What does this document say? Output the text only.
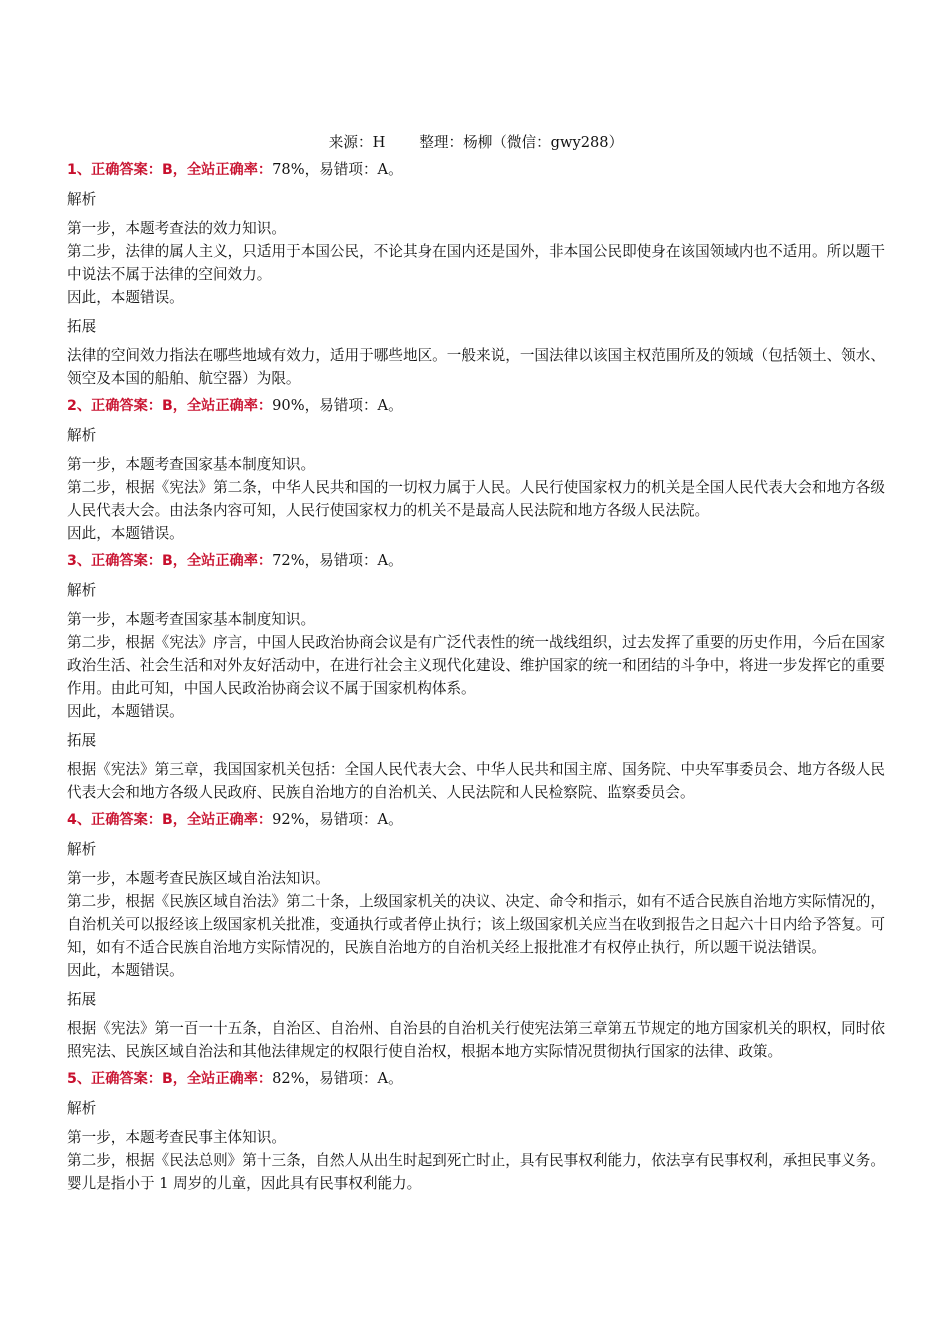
来源：H 整理：杨柳（微信：gwy288）
1、正确答案：B，全站正确率：78%，易错项：A。
解析
第一步，本题考查法的效力知识。
第二步，法律的属人主义，只适用于本国公民，不论其身在国内还是国外，非本国公民即使身在该国领域内也不适用。所以题干中说法不属于法律的空间效力。
因此，本题错误。
拓展
法律的空间效力指法在哪些地域有效力，适用于哪些地区。一般来说，一国法律以该国主权范围所及的领域（包括领土、领水、领空及本国的船舶、航空器）为限。
2、正确答案：B，全站正确率：90%，易错项：A。
解析
第一步，本题考查国家基本制度知识。
第二步，根据《宪法》第二条，中华人民共和国的一切权力属于人民。人民行使国家权力的机关是全国人民代表大会和地方各级人民代表大会。由法条内容可知，人民行使国家权力的机关不是最高人民法院和地方各级人民法院。
因此，本题错误。
3、正确答案：B，全站正确率：72%，易错项：A。
解析
第一步，本题考查国家基本制度知识。
第二步，根据《宪法》序言，中国人民政治协商会议是有广泛代表性的统一战线组织，过去发挥了重要的历史作用，今后在国家政治生活、社会生活和对外友好活动中，在进行社会主义现代化建设、维护国家的统一和团结的斗争中，将进一步发挥它的重要作用。由此可知，中国人民政治协商会议不属于国家机构体系。
因此，本题错误。
拓展
根据《宪法》第三章，我国国家机关包括：全国人民代表大会、中华人民共和国主席、国务院、中央军事委员会、地方各级人民代表大会和地方各级人民政府、民族自治地方的自治机关、人民法院和人民检察院、监察委员会。
4、正确答案：B，全站正确率：92%，易错项：A。
解析
第一步，本题考查民族区域自治法知识。
第二步，根据《民族区域自治法》第二十条，上级国家机关的决议、决定、命令和指示，如有不适合民族自治地方实际情况的，自治机关可以报经该上级国家机关批准，变通执行或者停止执行；该上级国家机关应当在收到报告之日起六十日内给予答复。可知，如有不适合民族自治地方实际情况的，民族自治地方的自治机关经上报批准才有权停止执行，所以题干说法错误。
因此，本题错误。
拓展
根据《宪法》第一百一十五条，自治区、自治州、自治县的自治机关行使宪法第三章第五节规定的地方国家机关的职权，同时依照宪法、民族区域自治法和其他法律规定的权限行使自治权，根据本地方实际情况贯彻执行国家的法律、政策。
5、正确答案：B，全站正确率：82%，易错项：A。
解析
第一步，本题考查民事主体知识。
第二步，根据《民法总则》第十三条，自然人从出生时起到死亡时止，具有民事权利能力，依法享有民事权利，承担民事义务。婴儿是指小于 1 周岁的儿童，因此具有民事权利能力。
